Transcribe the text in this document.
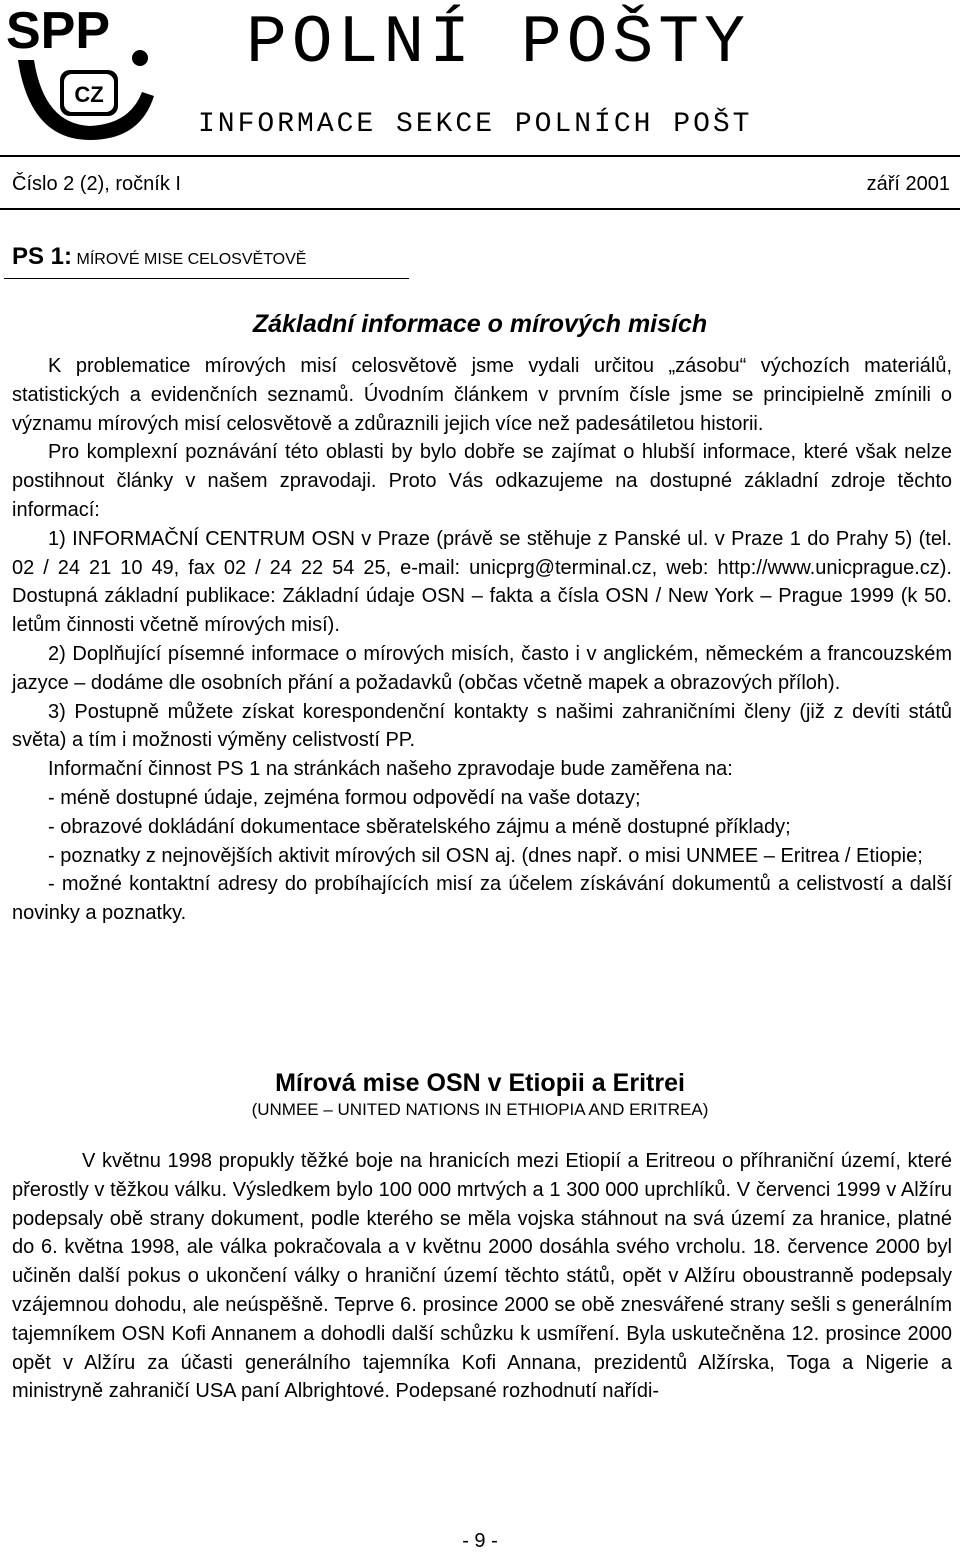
SPP
CZ
POLNÍ POŠTY
INFORMACE SEKCE POLNÍCH POŠT
Číslo 2 (2), ročník I	září 2001
PS 1: MÍROVÉ MISE CELOSVĚTOVĚ
Základní informace o mírových misích

K problematice mírových misí celosvětově jsme vydali určitou „zásobu“ výchozích materiálů, statistických a evidenčních seznamů. Úvodním článkem v prvním čísle jsme se principielně zmínili o významu mírových misí celosvětově a zdůraznili jejich více než padesátiletou historii.

Pro komplexní poznávání této oblasti by bylo dobře se zajímat o hlubší informace, které však nelze postihnout články v našem zpravodaji. Proto Vás odkazujeme na dostupné základní zdroje těchto informací:

1) INFORMAČNÍ CENTRUM OSN v Praze (právě se stěhuje z Panské ul. v Praze 1 do Prahy 5) (tel. 02 / 24 21 10 49, fax 02 / 24 22 54 25, e-mail: unicprg@terminal.cz, web: http://www.unicprague.cz). Dostupná základní publikace: Základní údaje OSN – fakta a čísla OSN / New York – Prague 1999 (k 50. letům činnosti včetně mírových misí).

2) Doplňující písemné informace o mírových misích, často i v anglickém, německém a francouzském jazyce – dodáme dle osobních přání a požadavků (občas včetně mapek a obrazových příloh).

3) Postupně můžete získat korespondenční kontakty s našimi zahraničními členy (již z devíti států světa) a tím i možnosti výměny celistvostí PP.

Informační činnost PS 1 na stránkách našeho zpravodaje bude zaměřena na:

- méně dostupné údaje, zejména formou odpovědí na vaše dotazy;

- obrazové dokládání dokumentace sběratelského zájmu a méně dostupné příklady;

- poznatky z nejnovějších aktivit mírových sil OSN aj. (dnes např. o misi UNMEE – Eritrea / Etiopie;

- možné kontaktní adresy do probíhajících misí za účelem získávání dokumentů a celistvostí a další novinky a poznatky.

Mírová mise OSN v Etiopii a Eritrei
(UNMEE – UNITED NATIONS IN ETHIOPIA AND ERITREA)

V květnu 1998 propukly těžké boje na hranicích mezi Etiopií a Eritreou o příhraniční území, které přerostly v těžkou válku. Výsledkem bylo 100 000 mrtvých a 1 300 000 uprchlíků. V červenci 1999 v Alžíru podepsaly obě strany dokument, podle kterého se měla vojska stáhnout na svá území za hranice, platné do 6. května 1998, ale válka pokračovala a v květnu 2000 dosáhla svého vrcholu. 18. července 2000 byl učiněn další pokus o ukončení války o hraniční území těchto států, opět v Alžíru oboustranně podepsaly vzájemnou dohodu, ale neúspěšně. Teprve 6. prosince 2000 se obě znesvářené strany sešli s generálním tajemníkem OSN Kofi Annanem a dohodli další schůzku k usmíření. Byla uskutečněna 12. prosince 2000 opět v Alžíru za účasti generálního tajemníka Kofi Annana, prezidentů Alžírska, Toga a Nigerie a ministryně zahraničí USA paní Albrightové. Podepsané rozhodnutí nařídi-

- 9 -
